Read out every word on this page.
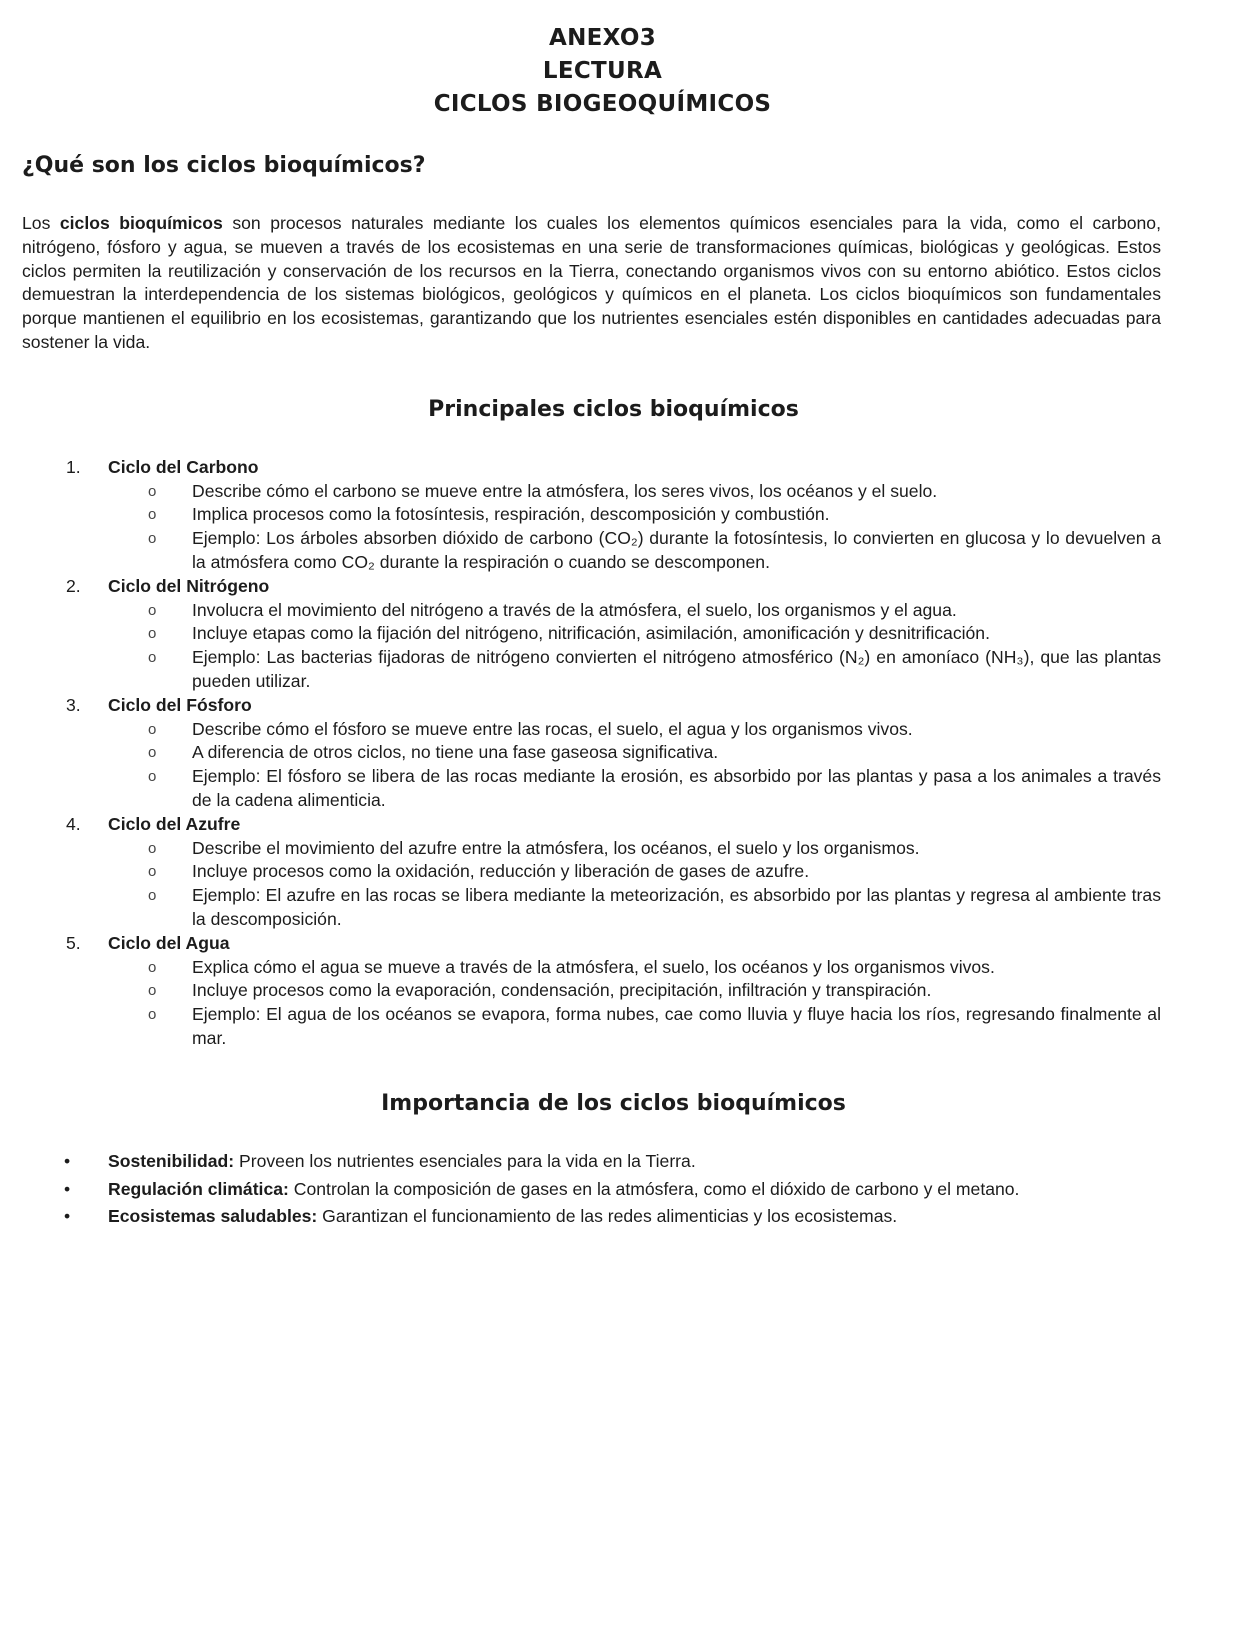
ANEXO3

LECTURA

CICLOS BIOGEOQUÍMICOS

¿Qué son los ciclos bioquímicos?

Los ciclos bioquímicos son procesos naturales mediante los cuales los elementos químicos esenciales para la vida, como el carbono, nitrógeno, fósforo y agua, se mueven a través de los ecosistemas en una serie de transformaciones químicas, biológicas y geológicas. Estos ciclos permiten la reutilización y conservación de los recursos en la Tierra, conectando organismos vivos con su entorno abiótico. Estos ciclos demuestran la interdependencia de los sistemas biológicos, geológicos y químicos en el planeta. Los ciclos bioquímicos son fundamentales porque mantienen el equilibrio en los ecosistemas, garantizando que los nutrientes esenciales estén disponibles en cantidades adecuadas para sostener la vida.

Principales ciclos bioquímicos
1. Ciclo del Carbono
o Describe cómo el carbono se mueve entre la atmósfera, los seres vivos, los océanos y el suelo.
o Implica procesos como la fotosíntesis, respiración, descomposición y combustión.
o Ejemplo: Los árboles absorben dióxido de carbono (CO₂) durante la fotosíntesis, lo convierten en glucosa y lo devuelven a la atmósfera como CO₂ durante la respiración o cuando se descomponen.
2. Ciclo del Nitrógeno
o Involucra el movimiento del nitrógeno a través de la atmósfera, el suelo, los organismos y el agua.
o Incluye etapas como la fijación del nitrógeno, nitrificación, asimilación, amonificación y desnitrificación.
o Ejemplo: Las bacterias fijadoras de nitrógeno convierten el nitrógeno atmosférico (N₂) en amoníaco (NH₃), que las plantas pueden utilizar.
3. Ciclo del Fósforo
o Describe cómo el fósforo se mueve entre las rocas, el suelo, el agua y los organismos vivos.
o A diferencia de otros ciclos, no tiene una fase gaseosa significativa.
o Ejemplo: El fósforo se libera de las rocas mediante la erosión, es absorbido por las plantas y pasa a los animales a través de la cadena alimenticia.
4. Ciclo del Azufre
o Describe el movimiento del azufre entre la atmósfera, los océanos, el suelo y los organismos.
o Incluye procesos como la oxidación, reducción y liberación de gases de azufre.
o Ejemplo: El azufre en las rocas se libera mediante la meteorización, es absorbido por las plantas y regresa al ambiente tras la descomposición.
5. Ciclo del Agua
o Explica cómo el agua se mueve a través de la atmósfera, el suelo, los océanos y los organismos vivos.
o Incluye procesos como la evaporación, condensación, precipitación, infiltración y transpiración.
o Ejemplo: El agua de los océanos se evapora, forma nubes, cae como lluvia y fluye hacia los ríos, regresando finalmente al mar.
Importancia de los ciclos bioquímicos
• Sostenibilidad: Proveen los nutrientes esenciales para la vida en la Tierra.
• Regulación climática: Controlan la composición de gases en la atmósfera, como el dióxido de carbono y el metano.
• Ecosistemas saludables: Garantizan el funcionamiento de las redes alimenticias y los ecosistemas.
